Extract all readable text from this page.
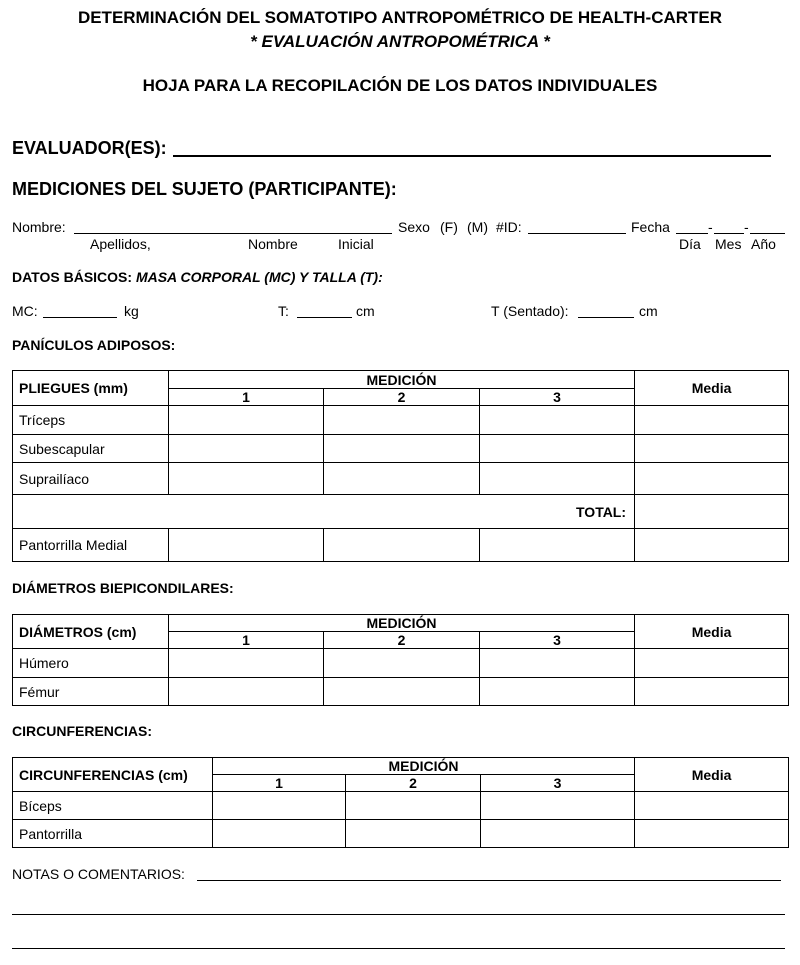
DETERMINACIÓN DEL SOMATOTIPO ANTROPOMÉTRICO DE HEALTH-CARTER
* EVALUACIÓN ANTROPOMÉTRICA *
HOJA PARA LA RECOPILACIÓN DE LOS DATOS INDIVIDUALES
EVALUADOR(ES):
MEDICIONES DEL SUJETO (PARTICIPANTE):
Nombre:	Sexo (F) (M) #ID:	Fecha	- -
Apellidos,	Nombre	Inicial	Día Mes Año
DATOS BÁSICOS: MASA CORPORAL (MC) Y TALLA (T):
MC:	kg	T:	cm	T (Sentado):	cm
PANÍCULOS ADIPOSOS:
PLIEGUES (mm)	MEDICIÓN			Media
	1	2	3	
Tríceps				
Subescapular				
Suprailíaco				
TOTAL:				
Pantorrilla Medial				
DIÁMETROS BIEPICONDILARES:
DIÁMETROS (cm)	MEDICIÓN			Media
	1	2	3	
Húmero				
Fémur				
CIRCUNFERENCIAS:
CIRCUNFERENCIAS (cm)	MEDICIÓN			Media
	1	2	3	
Bíceps				
Pantorrilla				
NOTAS O COMENTARIOS:
